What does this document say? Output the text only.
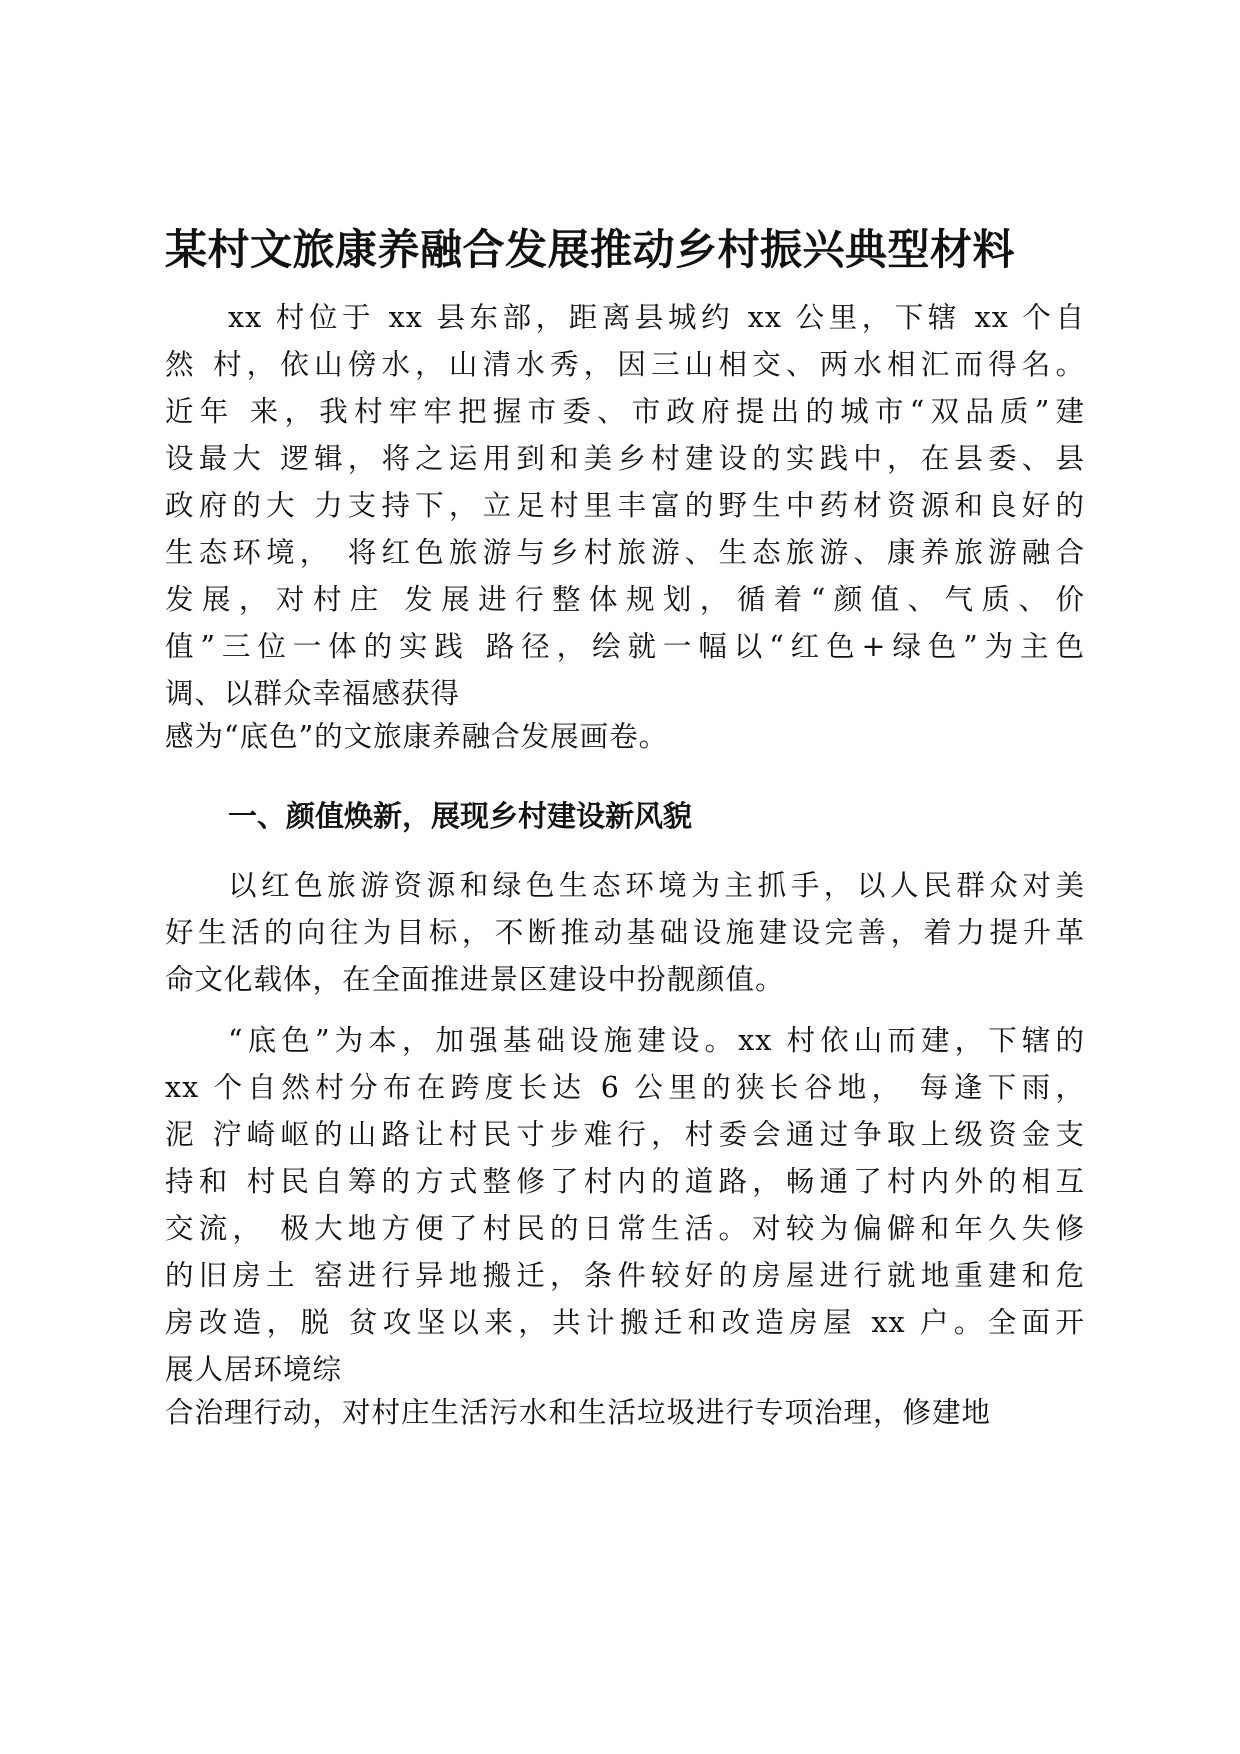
某村文旅康养融合发展推动乡村振兴典型材料
xx 村位于 xx 县东部，距离县城约 xx 公里，下辖 xx 个自
然 村，依山傍水，山清水秀，因三山相交、两水相汇而得名。
近年 来，我村牢牢把握市委、市政府提出的城市“双品质”建
设最大 逻辑，将之运用到和美乡村建设的实践中，在县委、县
政府的大 力支持下，立足村里丰富的野生中药材资源和良好的
生态环境， 将红色旅游与乡村旅游、生态旅游、康养旅游融合
发展，对村庄 发展进行整体规划，循着“颜值、气质、价
值”三位一体的实践 路径，绘就一幅以“红色+绿色”为主色
调、以群众幸福感获得
感为“底色”的文旅康养融合发展画卷。
一、颜值焕新，展现乡村建设新风貌
以红色旅游资源和绿色生态环境为主抓手，以人民群众对美
好生活的向往为目标，不断推动基础设施建设完善，着力提升革
命文化载体，在全面推进景区建设中扮靓颜值。
“底色”为本，加强基础设施建设。xx 村依山而建，下辖的
xx 个自然村分布在跨度长达 6 公里的狭长谷地， 每逢下雨，
泥 泞崎岖的山路让村民寸步难行，村委会通过争取上级资金支
持和 村民自筹的方式整修了村内的道路，畅通了村内外的相互
交流， 极大地方便了村民的日常生活。对较为偏僻和年久失修
的旧房土 窑进行异地搬迁，条件较好的房屋进行就地重建和危
房改造，脱 贫攻坚以来，共计搬迁和改造房屋 xx 户。全面开
展人居环境综
合治理行动，对村庄生活污水和生活垃圾进行专项治理，修建地
